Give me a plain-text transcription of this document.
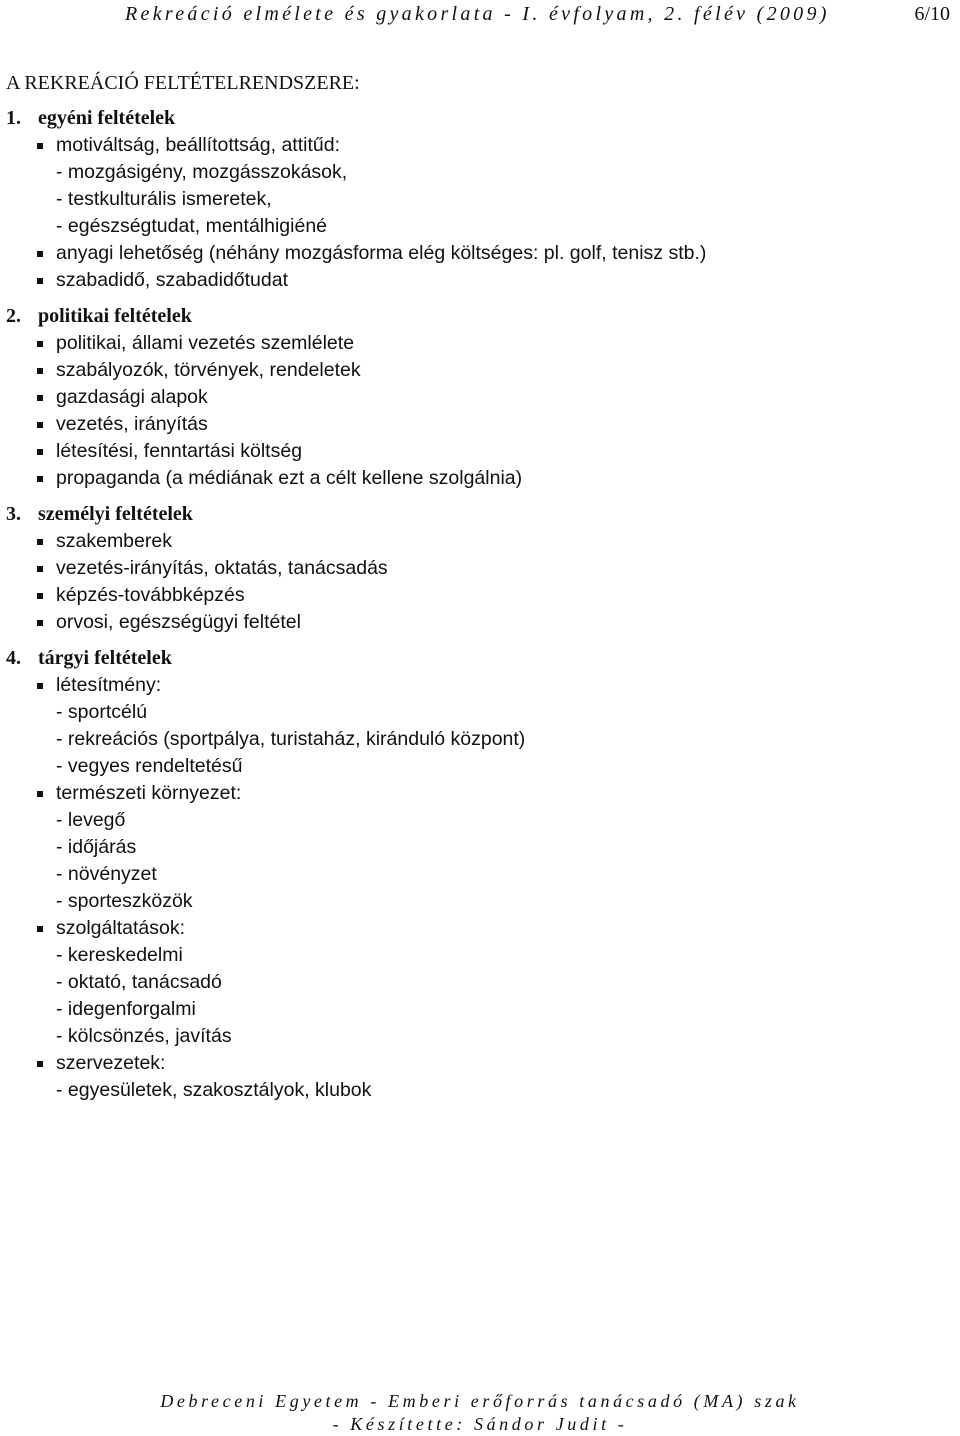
Rekreáció elmélete és gyakorlata - I. évfolyam, 2. félév (2009)	6/10
A REKREÁCIÓ FELTÉTELRENDSZERE:
1. egyéni feltételek
motiváltság, beállítottság, attitűd:
- mozgásigény, mozgásszokások,
- testkulturális ismeretek,
- egészségtudat, mentálhigiéné
anyagi lehetőség (néhány mozgásforma elég költséges: pl. golf, tenisz stb.)
szabadidő, szabadidőtudat
2. politikai feltételek
politikai, állami vezetés szemlélete
szabályozók, törvények, rendeletek
gazdasági alapok
vezetés, irányítás
létesítési, fenntartási költség
propaganda (a médiának ezt a célt kellene szolgálnia)
3. személyi feltételek
szakemberek
vezetés-irányítás, oktatás, tanácsadás
képzés-továbbképzés
orvosi, egészségügyi feltétel
4. tárgyi feltételek
létesítmény:
- sportcélú
- rekreációs (sportpálya, turistaház, kiránduló központ)
- vegyes rendeltetésű
természeti környezet:
- levegő
- időjárás
- növényzet
- sporteszközök
szolgáltatások:
- kereskedelmi
- oktató, tanácsadó
- idegenforgalmi
- kölcsönzés, javítás
szervezetek:
- egyesületek, szakosztályok, klubok
Debreceni Egyetem - Emberi erőforrás tanácsadó (MA) szak
- Készítette: Sándor Judit -
